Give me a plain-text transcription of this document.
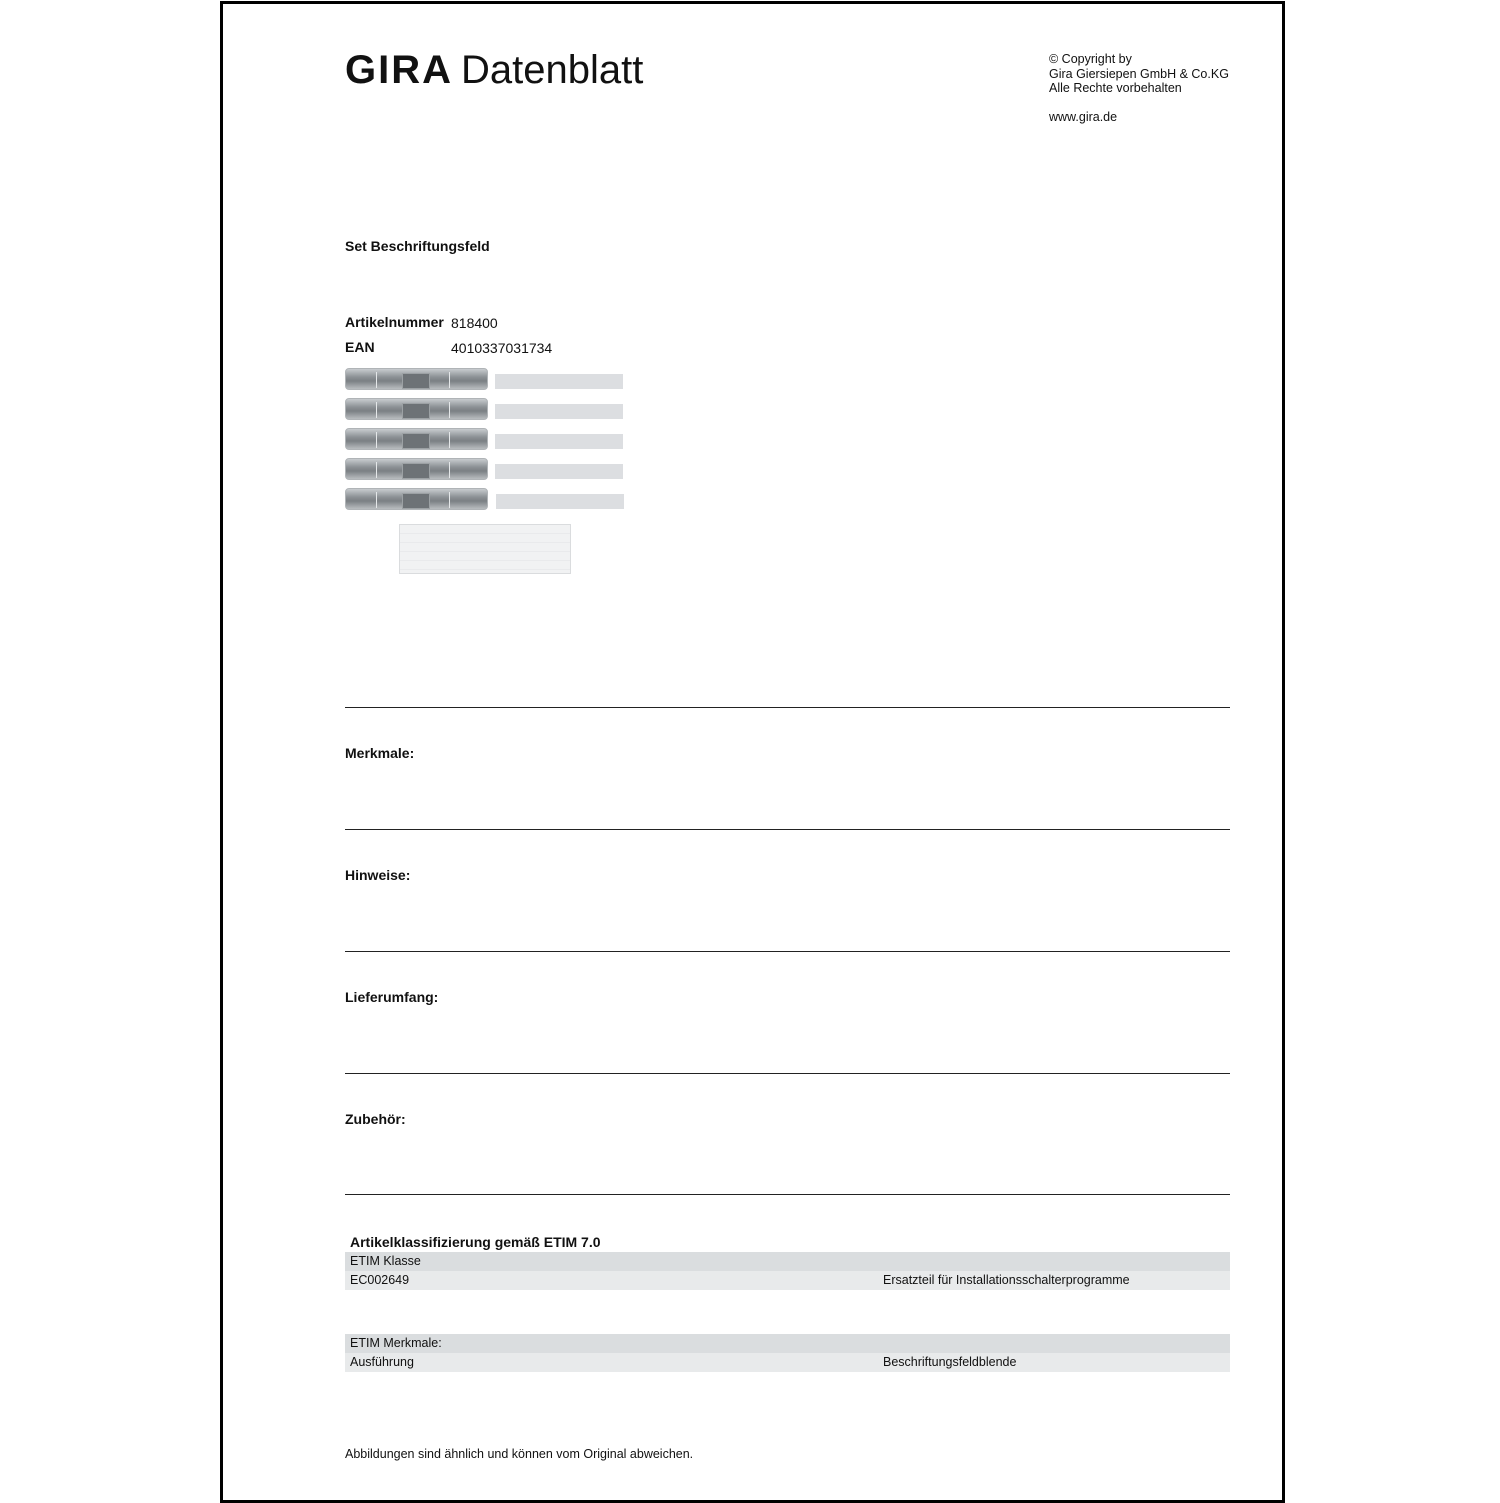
GIRA Datenblatt	© Copyright by
Gira Giersiepen GmbH & Co.KG
Alle Rechte vorbehalten
www.gira.de
Set Beschriftungsfeld
Artikelnummer 818400
EAN	4010337031734
Merkmale:
Hinweise:
Lieferumfang:
Zubehör:
Artikelklassifizierung gemäß ETIM 7.0
ETIM Klasse
EC002649	Ersatzteil für Installationsschalterprogramme
ETIM Merkmale:
Ausführung	Beschriftungsfeldblende
Abbildungen sind ähnlich und können vom Original abweichen.
